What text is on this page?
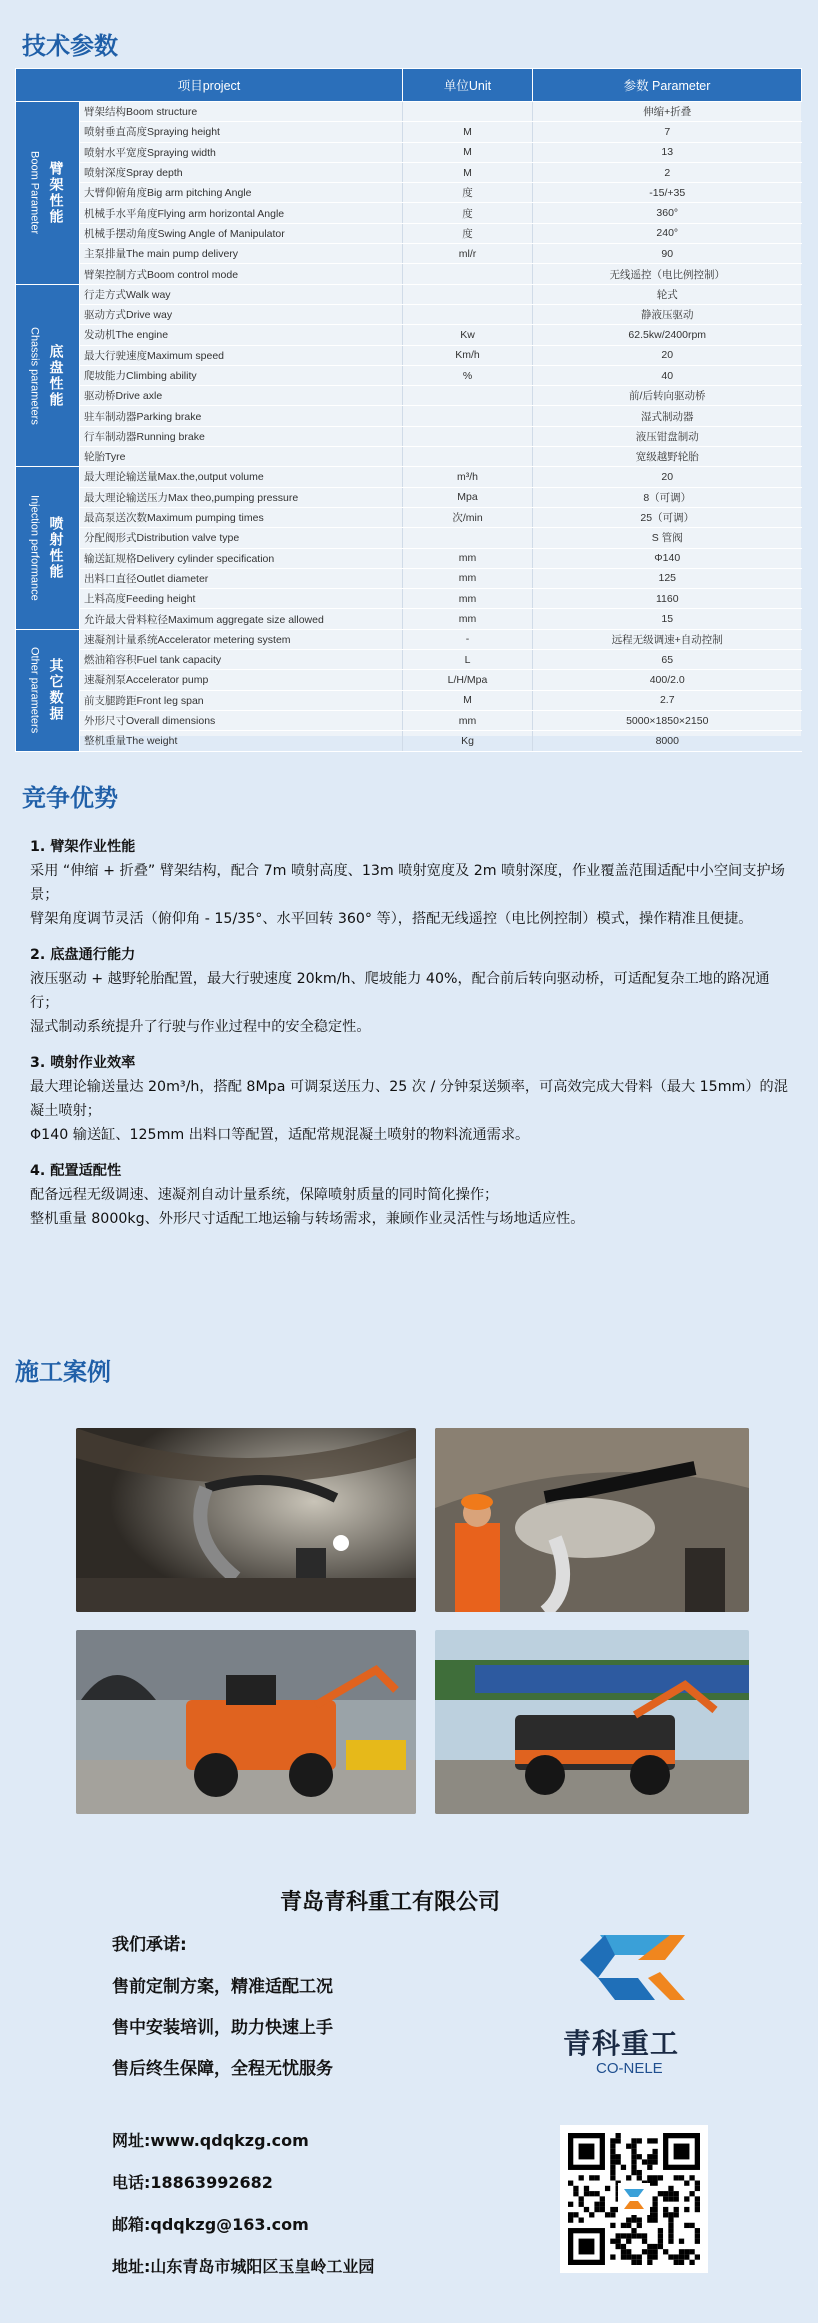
技术参数
项目project		单位Unit	参数 Parameter

Boom Parameter 臂架性能	臂架结构Boom structure		伸缩+折叠
	喷射垂直高度Spraying height	M	7
	喷射水平宽度Spraying width	M	13
	喷射深度Spray depth	M	2
	大臂仰俯角度Big arm pitching Angle	度	-15/+35
	机械手水平角度Flying arm horizontal Angle	度	360°
	机械手摆动角度Swing Angle of Manipulator	度	240°
	主泵排量The main pump delivery	ml/r	90
	臂架控制方式Boom control mode		无线遥控（电比例控制）

Chassis parameters 底盘性能	行走方式Walk way		轮式
	驱动方式Drive way		静液压驱动
	发动机The engine	Kw	62.5kw/2400rpm
	最大行驶速度Maximum speed	Km/h	20
	爬坡能力Climbing ability	%	40
	驱动桥Drive axle		前/后转向驱动桥
	驻车制动器Parking brake		湿式制动器
	行车制动器Running brake		液压钳盘制动
	轮胎Tyre		宽级越野轮胎

Injection performance 喷射性能	最大理论输送量Max.the,output volume	m³/h	20
	最大理论输送压力Max theo,pumping pressure	Mpa	8（可调）
	最高泵送次数Maximum pumping times	次/min	25（可调）
	分配阀形式Distribution valve type		S 管阀
	输送缸规格Delivery cylinder specification	mm	Φ140
	出料口直径Outlet diameter	mm	125
	上料高度Feeding height	mm	1160
	允许最大骨料粒径Maximum aggregate size allowed	mm	15

Other parameters 其它数据	速凝剂计量系统Accelerator metering system	-	远程无级调速+自动控制
	燃油箱容积Fuel tank capacity	L	65
	速凝剂泵Accelerator pump	L/H/Mpa	400/2.0
	前支腿跨距Front leg span	M	2.7
	外形尺寸Overall dimensions	mm	5000×1850×2150
	整机重量The weight	Kg	8000
竞争优势

1. 臂架作业性能

采用 “伸缩 + 折叠” 臂架结构，配合 7m 喷射高度、13m 喷射宽度及 2m 喷射深度，作业覆盖范围适配中小空间支护场景；

臂架角度调节灵活（俯仰角 - 15/35°、水平回转 360° 等），搭配无线遥控（电比例控制）模式，操作精准且便捷。

2. 底盘通行能力

液压驱动 + 越野轮胎配置，最大行驶速度 20km/h、爬坡能力 40%，配合前后转向驱动桥，可适配复杂工地的路况通行；

湿式制动系统提升了行驶与作业过程中的安全稳定性。

3. 喷射作业效率

最大理论输送量达 20m³/h，搭配 8Mpa 可调泵送压力、25 次 / 分钟泵送频率，可高效完成大骨料（最大 15mm）的混凝土喷射；

Φ140 输送缸、125mm 出料口等配置，适配常规混凝土喷射的物料流通需求。

4. 配置适配性

配备远程无级调速、速凝剂自动计量系统，保障喷射质量的同时简化操作；

整机重量 8000kg、外形尺寸适配工地运输与转场需求，兼顾作业灵活性与场地适应性。

施工案例
青岛青科重工有限公司
我们承诺:
售前定制方案，精准适配工况
售中安装培训，助力快速上手
售后终生保障，全程无忧服务
青科重工
CO-NELE
网址:www.qdqkzg.com
电话:18863992682
邮箱:qdqkzg@163.com
地址:山东青岛市城阳区玉皇岭工业园
